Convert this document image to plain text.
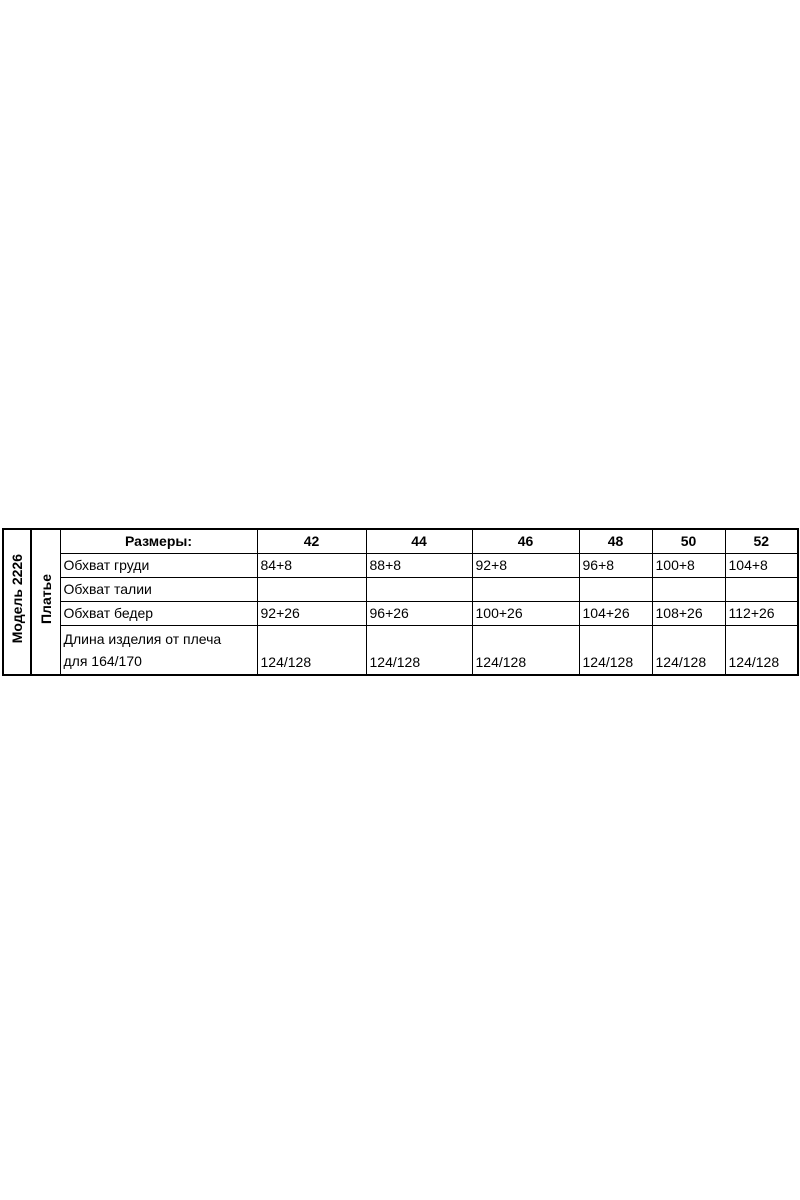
Модель 2226	Платье	Размеры:	42	44	46	48	50	52
		Обхват груди	84+8	88+8	92+8	96+8	100+8	104+8
		Обхват талии						
		Обхват бедер	92+26	96+26	100+26	104+26	108+26	112+26

		Длина изделия от плеча
для 164/170	124/128	124/128	124/128	124/128	124/128	124/128
